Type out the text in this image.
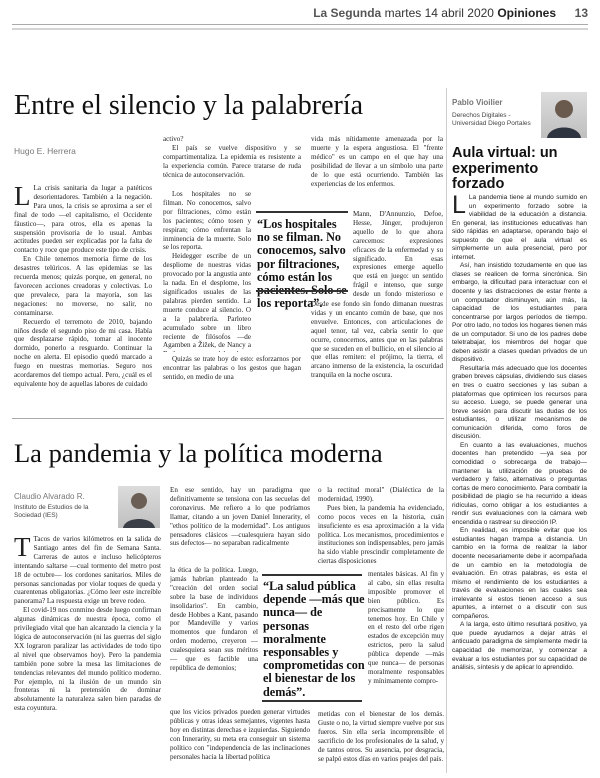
La Segunda martes 14 abril 2020 Opiniones 13
Entre el silencio y la palabrería
Hugo E. Herrera

L La crisis sanitaria da lugar a patéticos desorientadores. También a la negación. Para unos, la crisis se aproxima a ser el final de todo —el capitalismo, el Occidente fáustico—, para otros, ella es apenas la suspensión provisoria de lo usual. Ambas actitudes pueden ser explicadas por la falta de contacto y roce que produce este tipo de crisis.

En Chile tenemos memoria firme de los desastres telúricos. A las epidemias se las recuerda menos; quizás porque, en general, no favorecen acciones creadoras y colectivas. Lo que prevalece, para la mayoría, son las negaciones: no moverse, no salir, no contaminarse.

Recuerdo el terremoto de 2010, bajando niños desde el segundo piso de mi casa. Había que desplazarse rápido, tomar al inocente dormido, ponerlo a resguardo. Continuar la noche en alerta. El episodio quedó marcado a fuego en nuestras memorias. Seguro nos acordaremos del tiempo actual. Pero, ¿cuál es el equivalente hoy de aquellas labores de cuidado

activo?

El país se vuelve dispositivo y se compartimentaliza. La epidemia es resistente a la experiencia común. Parece tratarse de ruda técnica de autoconservación.

Los hospitales no se filman. No conocemos, salvo por filtraciones, cómo están los pacientes; cómo tosen y respiran; cómo enfrentan la inminencia de la muerte. Solo se los reporta.

Heidegger escribe de un despliome de nuestras vidas provocado por la angustia ante la nada. En el desplome, los significados usuales de las palabras pierden sentido. La muerte conduce al silencio. O a la palabrería. Parloteo acumulado sobre un libro reciente de filósofos —de Agamben a Žižek, de Nancy a

Quizás se trate hoy de esto: esforzarnos por encontrar las palabras o los gestos que hagan sentido, en medio de una

“Los hospitales no se filman. No conocemos, salvo por filtraciones, cómo están los los reporta”.

vida más nítidamente amenazada por la muerte y la espera angustiosa. El "frente médico" es un campo en el que hay una posibilidad de llevar a un símbolo una parte de lo que está ocurriendo. También las experiencias de los enfermos.

Mann, D'Annunzio, Defoe, Hesse, Jünger, produjeron aquello de lo que ahora carecemos: expresiones eficaces de la enfermedad y su significado. En esas expresiones emerge aquello que está en juego: un sentido frágil e intenso, que surge desde un fondo misterioso e

Desde ese fondo sin fondo dimanan nuestras vidas y un encanto común de base, que nos envuelve. Entonces, con articulaciones de aquel tenor, tal vez, cabría sentir lo que ocurre, conocernos, antes que en las palabras que se suceden en el bullicio, en el silencio al que ellas remiten: el prójimo, la tierra, el arcano inmenso de la existencia, la oscuridad tranquila en la noche oscura.

Pablo Vioilier
Derechos Digitales - Universidad Diego Portales
Aula virtual: un experimento forzado

L La pandemia tiene al mundo sumido en un experimento forzado sobre la viabilidad de la educación a distancia. En general, las instituciones educativas han sido rápidas en adaptarse, operando bajo el supuesto de que el aula virtual es simplemente un aula presencial, pero por internet.

Así, han insistido tozudamente en que las clases se realicen de forma sincrónica. Sin embargo, la dificultad para interactuar con el docente y las distracciones de estar frente a un computador disminuyen, aún más, la capacidad de los estudiantes para concentrarse por largos períodos de tiempo. Por otro lado, no todos los hogares tienen más de un computador. Si uno de los padres debe teletrabajar, los miembros del hogar que deben asistir a clases quedan privados de un dispositivo.

Resultaría más adecuado que los docentes graben breves cápsulas, dividiendo sus clases en tres o cuatro secciones y las suban a plataformas que optimicen los recursos para su acceso. Luego, se puede generar una breve sesión para discutir las dudas de los estudiantes, o utilizar mecanismos de comunicación diferida, como foros de discusión.

En cuanto a las evaluaciones, muchos docentes han pretendido —ya sea por comodidad o sobrecarga de trabajo— mantener la utilización de pruebas de verdadero y falso, alternativas o preguntas cortas de mero conocimiento. Para combatir la posibilidad de plagio se ha recurrido a ideas ridículas, como obligar a los estudiantes a rendir sus evaluaciones con la cámara web encendida o rastrear su dirección IP.

En realidad, es imposible evitar que los estudiantes hagan trampa a distancia. Un cambio en la forma de realizar la labor docente necesariamente debe ir acompañada de un cambio en la metodología de evaluación. En otras palabras, es esta el mismo el rendimiento de los estudiantes a través de evaluaciones en las cuales sea irrelevante si estos tienen acceso a sus apuntes, a internet o a discutir con sus compañeros.

A la larga, esto último resultará positivo, ya que puede ayudarnos a dejar atrás el anticuado paradigma de simplemente medir la capacidad de memorizar, y comenzar a evaluar a los estudiantes por su capacidad de análisis, síntesis y de aplicar lo aprendido.

La pandemia y la política moderna
Claudio Alvarado R.
Instituto de Estudios de la Sociedad (IES)

T Tacos de varios kilómetros en la salida de Santiago antes del fin de Semana Santa. Carreras de autos e incluso helicópteros intentando saltarse —cual tormento del metro post 18 de octubre— los cordones sanitarios. Miles de personas sancionadas por violar toques de queda y cuarentenas obligatorias. ¿Cómo leer este increíble panorama? La respuesta exige un breve rodeo.

El covid-19 nos conmino desde luego confirman algunas dinámicas de nuestra época, como el privilegiado vital que han alcanzado la ciencia y la lógica de autoconservación (ni las guerras del siglo XX lograron paralizar las actividades de todo tipo al nivel que observamos hoy). Pero la pandemia también pone sobre la mesa las limitaciones de tendencias relevantes del mundo político moderno. Por ejemplo, ni la ilusión de un mundo sin fronteras ni la pretensión de dominar absolutamente la naturaleza salen bien paradas de esta coyuntura.

En ese sentido, hay un paradigma que definitivamente se tensiona con las secuelas del coronavirus. Me refiero a lo que podríamos llamar, citando a un joven Daniel Innerarity, el "ethos político de la modernidad". Los antiguos pensadores clásicos —cualesquiera hayan sido sus defectos— no separaban radicalmente

la ética de la política. Luego, jamás habrían planteado la "creación del orden social sobre la base de individuos insolidarios". En cambio, desde Hobbes a Kant, pasando por Mandeville y varios momentos que fundaron el orden moderno, creyeron —cualesquiera sean sus méritos— que es factible una república de demonios;

que los vicios privados pueden generar virtudes públicas y otras ideas semejantes, vigentes hasta hoy en distintas derechas e izquierdas. Siguiendo con Innerarity, su meta era conseguir un sistema político con "independencia de las inclinaciones personales hacia la libertad política

“La salud pública depende —más que nunca— de personas moralmente responsables y comprometidas con el bienestar de los demás”.

o la rectitud moral" (Dialéctica de la modernidad, 1990).

Pues bien, la pandemia ha evidenciado, como pocos veces en la historia, cuán insuficiente es esa aproximación a la vida política. Los mecanismos, procedimientos e instituciones son indispensables, pero jamás ha sido viable prescindir completamente de ciertas disposiciones

mentales básicas. Al fin y al cabo, sin ellas resulta imposible promover el bien público. Es precisamente lo que tenemos hoy. En Chile y en el resto del orbe rigen estados de excepción muy estrictos, pero la salud pública depende —más que nunca— de personas moralmente responsables y mínimamente compro-

metidas con el bienestar de los demás. Guste o no, la virtud siempre vuelve por sus fueros. Sin ella sería incomprensible el sacrificio de los profesionales de la salud, y de tantos otros. Su ausencia, por desgracia, se palpó estos días en varios peajes del país.
